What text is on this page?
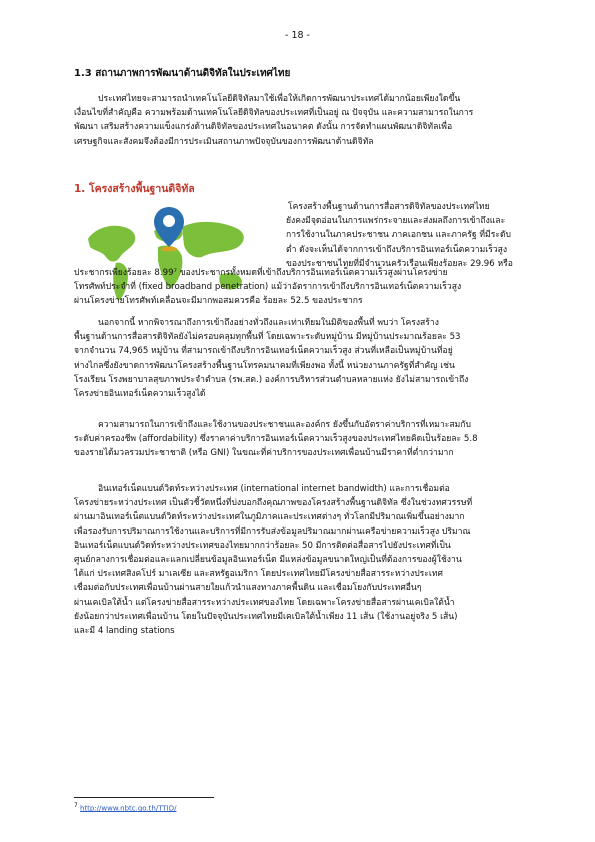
- 18 -
1.3 สถานภาพการพัฒนาด้านดิจิทัลในประเทศไทย

ประเทศไทยจะสามารถนำเทคโนโลยีดิจิทัลมาใช้เพื่อให้เกิดการพัฒนาประเทศได้มากน้อยเพียงใดขึ้น
เงื่อนไขที่สำคัญคือ ความพร้อมด้านเทคโนโลยีดิจิทัลของประเทศที่เป็นอยู่ ณ ปัจจุบัน และความสามารถในการ
พัฒนา เสริมสร้างความแข็งแกร่งด้านดิจิทัลของประเทศในอนาคต ดังนั้น การจัดทำแผนพัฒนาดิจิทัลเพื่อ
เศรษฐกิจและสังคมจึงต้องมีการประเมินสถานภาพปัจจุบันของการพัฒนาด้านดิจิทัล

1. โครงสร้างพื้นฐานดิจิทัล

โครงสร้างพื้นฐานด้านการสื่อสารดิจิทัลของประเทศไทย
ยังคงมีจุดอ่อนในการแพร่กระจายและส่งผลถึงการเข้าถึงและ
การใช้งานในภาคประชาชน ภาคเอกชน และภาครัฐ ที่มีระดับ
ต่ำ ดังจะเห็นได้จากการเข้าถึงบริการอินเทอร์เน็ตความเร็วสูง
ของประชาชนไทยที่มีจำนวนครัวเรือนเพียงร้อยละ 29.96 หรือ

ประชากรเพียงร้อยละ 8.99⁷ ของประชากรทั้งหมดที่เข้าถึงบริการอินเทอร์เน็ตความเร็วสูงผ่านโครงข่าย
โทรศัพท์ประจำที่ (fixed broadband penetration) แม้ว่าอัตราการเข้าถึงบริการอินเทอร์เน็ตความเร็วสูง
ผ่านโครงข่ายโทรศัพท์เคลื่อนจะมีมากพอสมควรคือ ร้อยละ 52.5 ของประชากร

นอกจากนี้ หากพิจารณาถึงการเข้าถึงอย่างทั่วถึงและเท่าเทียมในมิติของพื้นที่ พบว่า โครงสร้าง
พื้นฐานด้านการสื่อสารดิจิทัลยังไม่ครอบคลุมทุกพื้นที่ โดยเฉพาะระดับหมู่บ้าน มีหมู่บ้านประมาณร้อยละ 53
จากจำนวน 74,965 หมู่บ้าน ที่สามารถเข้าถึงบริการอินเทอร์เน็ตความเร็วสูง ส่วนที่เหลือเป็นหมู่บ้านที่อยู่
ห่างไกลซึ่งยังขาดการพัฒนาโครงสร้างพื้นฐานโทรคมนาคมที่เพียงพอ ทั้งนี้ หน่วยงานภาครัฐที่สำคัญ เช่น
โรงเรียน โรงพยาบาลสุขภาพประจำตำบล (รพ.สต.) องค์การบริหารส่วนตำบลหลายแห่ง ยังไม่สามารถเข้าถึง
โครงข่ายอินเทอร์เน็ตความเร็วสูงได้

ความสามารถในการเข้าถึงและใช้งานของประชาชนและองค์กร ยังขึ้นกับอัตราค่าบริการที่เหมาะสมกับ
ระดับค่าครองชีพ (affordability) ซึ่งราคาค่าบริการอินเทอร์เน็ตความเร็วสูงของประเทศไทยคิดเป็นร้อยละ 5.8
ของรายได้มวลรวมประชาชาติ (หรือ GNI) ในขณะที่ค่าบริการของประเทศเพื่อนบ้านมีราคาที่ต่ำกว่ามาก

อินเทอร์เน็ตแบนด์วิดท์ระหว่างประเทศ (international internet bandwidth) และการเชื่อมต่อ
โครงข่ายระหว่างประเทศ เป็นตัวชี้วัดหนึ่งที่บ่งบอกถึงคุณภาพของโครงสร้างพื้นฐานดิจิทัล ซึ่งในช่วงทศวรรษที่
ผ่านมาอินเทอร์เน็ตแบนด์วิดท์ระหว่างประเทศในภูมิภาคและประเทศต่างๆ ทั่วโลกมีปริมาณเพิ่มขึ้นอย่างมาก
เพื่อรองรับการปริมาณการใช้งานและบริการที่มีการรับส่งข้อมูลปริมาณมากผ่านเครือข่ายความเร็วสูง ปริมาณ
อินเทอร์เน็ตแบนด์วิดท์ระหว่างประเทศของไทยมากกว่าร้อยละ 50 มีการติดต่อสื่อสารไปยังประเทศที่เป็น
ศูนย์กลางการเชื่อมต่อและแลกเปลี่ยนข้อมูลอินเทอร์เน็ต มีแหล่งข้อมูลขนาดใหญ่เป็นที่ต้องการของผู้ใช้งาน
ได้แก่ ประเทศสิงคโปร์ มาเลเซีย และสหรัฐอเมริกา โดยประเทศไทยมีโครงข่ายสื่อสารระหว่างประเทศ
เชื่อมต่อกับประเทศเพื่อนบ้านผ่านสายใยแก้วนำแสงทางภาคพื้นดิน และเชื่อมโยงกับประเทศอื่นๆ
ผ่านเคเบิลใต้น้ำ แต่โครงข่ายสื่อสารระหว่างประเทศของไทย โดยเฉพาะโครงข่ายสื่อสารผ่านเคเบิลใต้น้ำ
ยังน้อยกว่าประเทศเพื่อนบ้าน โดยในปัจจุบันประเทศไทยมีเคเบิลใต้น้ำเพียง 11 เส้น (ใช้งานอยู่จริง 5 เส้น)
และมี 4 landing stations

$^7$ http://www.nbtc.go.th/TTID/
